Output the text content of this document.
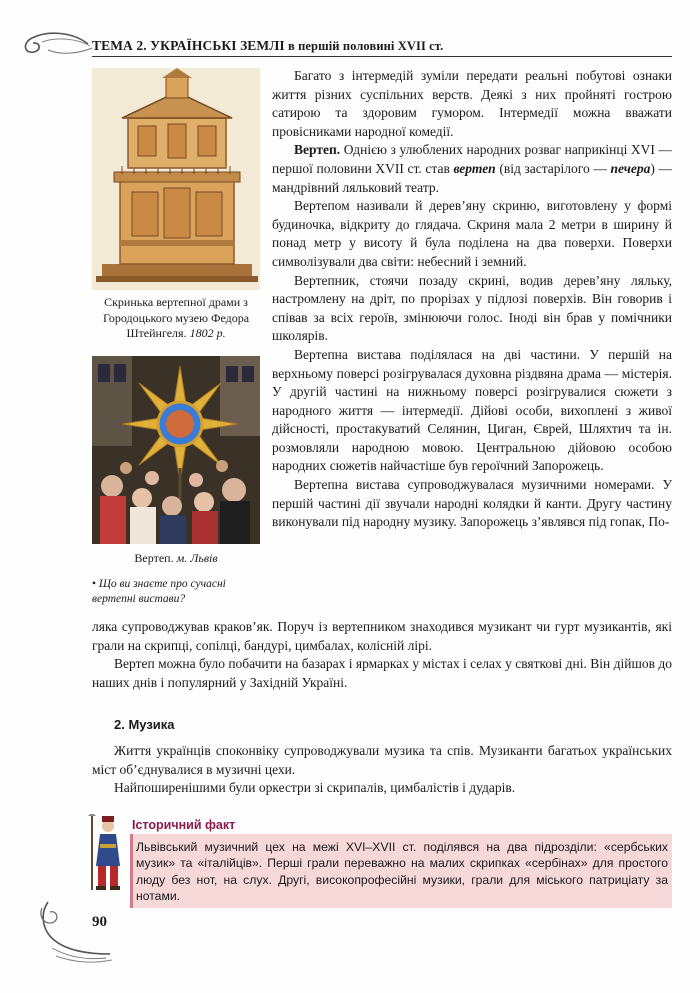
ТЕМА 2. УКРАЇНСЬКІ ЗЕМЛІ в першій половині XVII ст.
Скринька вертепної драми з Городоцького музею Федора Штейнгеля. 1802 р.
Вертеп. м. Львів
• Що ви знаєте про сучасні вертепні вистави?

Багато з інтермедій зуміли передати реальні побутові ознаки життя різних суспільних верств. Деякі з них пройняті гострою сатирою та здоровим гумором. Інтермедії можна вважати провісниками народної комедії.

Вертеп. Однією з улюблених народних розваг наприкінці XVI — першої половини XVII ст. став вертеп (від застарілого — печера) — мандрівний ляльковий театр.

Вертепом називали й дерев’яну скриню, виготовлену у формі будиночка, відкриту до глядача. Скриня мала 2 метри в ширину й понад метр у висоту й була поділена на два поверхи. Поверхи символізували два світи: небесний і земний.

Вертепник, стоячи позаду скрині, водив дерев’яну ляльку, настромлену на дріт, по прорізах у підлозі поверхів. Він говорив і співав за всіх героїв, змінюючи голос. Іноді він брав у помічники школярів.

Вертепна вистава поділялася на дві частини. У першій на верхньому поверсі розігрувалася духовна різдвяна драма — містерія. У другій частині на нижньому поверсі розігрувалися сюжети з народного життя — інтермедії. Дійові особи, вихоплені з живої дійсності, простакуватий Селянин, Циган, Єврей, Шляхтич та ін. розмовляли народною мовою. Центральною дійовою особою народних сюжетів найчастіше був героїчний Запорожець.

Вертепна вистава супроводжувалася музичними номерами. У першій частині дії звучали народні колядки й канти. Другу частину виконували під народну музику. Запорожець з’являвся під гопак, По-

ляка супроводжував краков’як. Поруч із вертепником знаходився музикант чи гурт музикантів, які грали на скрипці, сопілці, бандурі, цимбалах, колісній лірі.

Вертеп можна було побачити на базарах і ярмарках у містах і селах у святкові дні. Він дійшов до наших днів і популярний у Західній Україні.

2. Музика

Життя українців споконвіку супроводжували музика та спів. Музиканти багатьох українських міст об’єднувалися в музичні цехи.

Найпоширенішими були оркестри зі скрипалів, цимбалістів і дударів.

Історичний факт
Львівський музичний цех на межі XVI–XVII ст. поділявся на два підрозділи: «сербських музик» та «італійців». Перші грали переважно на малих скрипках «сербінах» для простого люду без нот, на слух. Другі, високопрофесійні музики, грали для міського патриціату за нотами.
90
